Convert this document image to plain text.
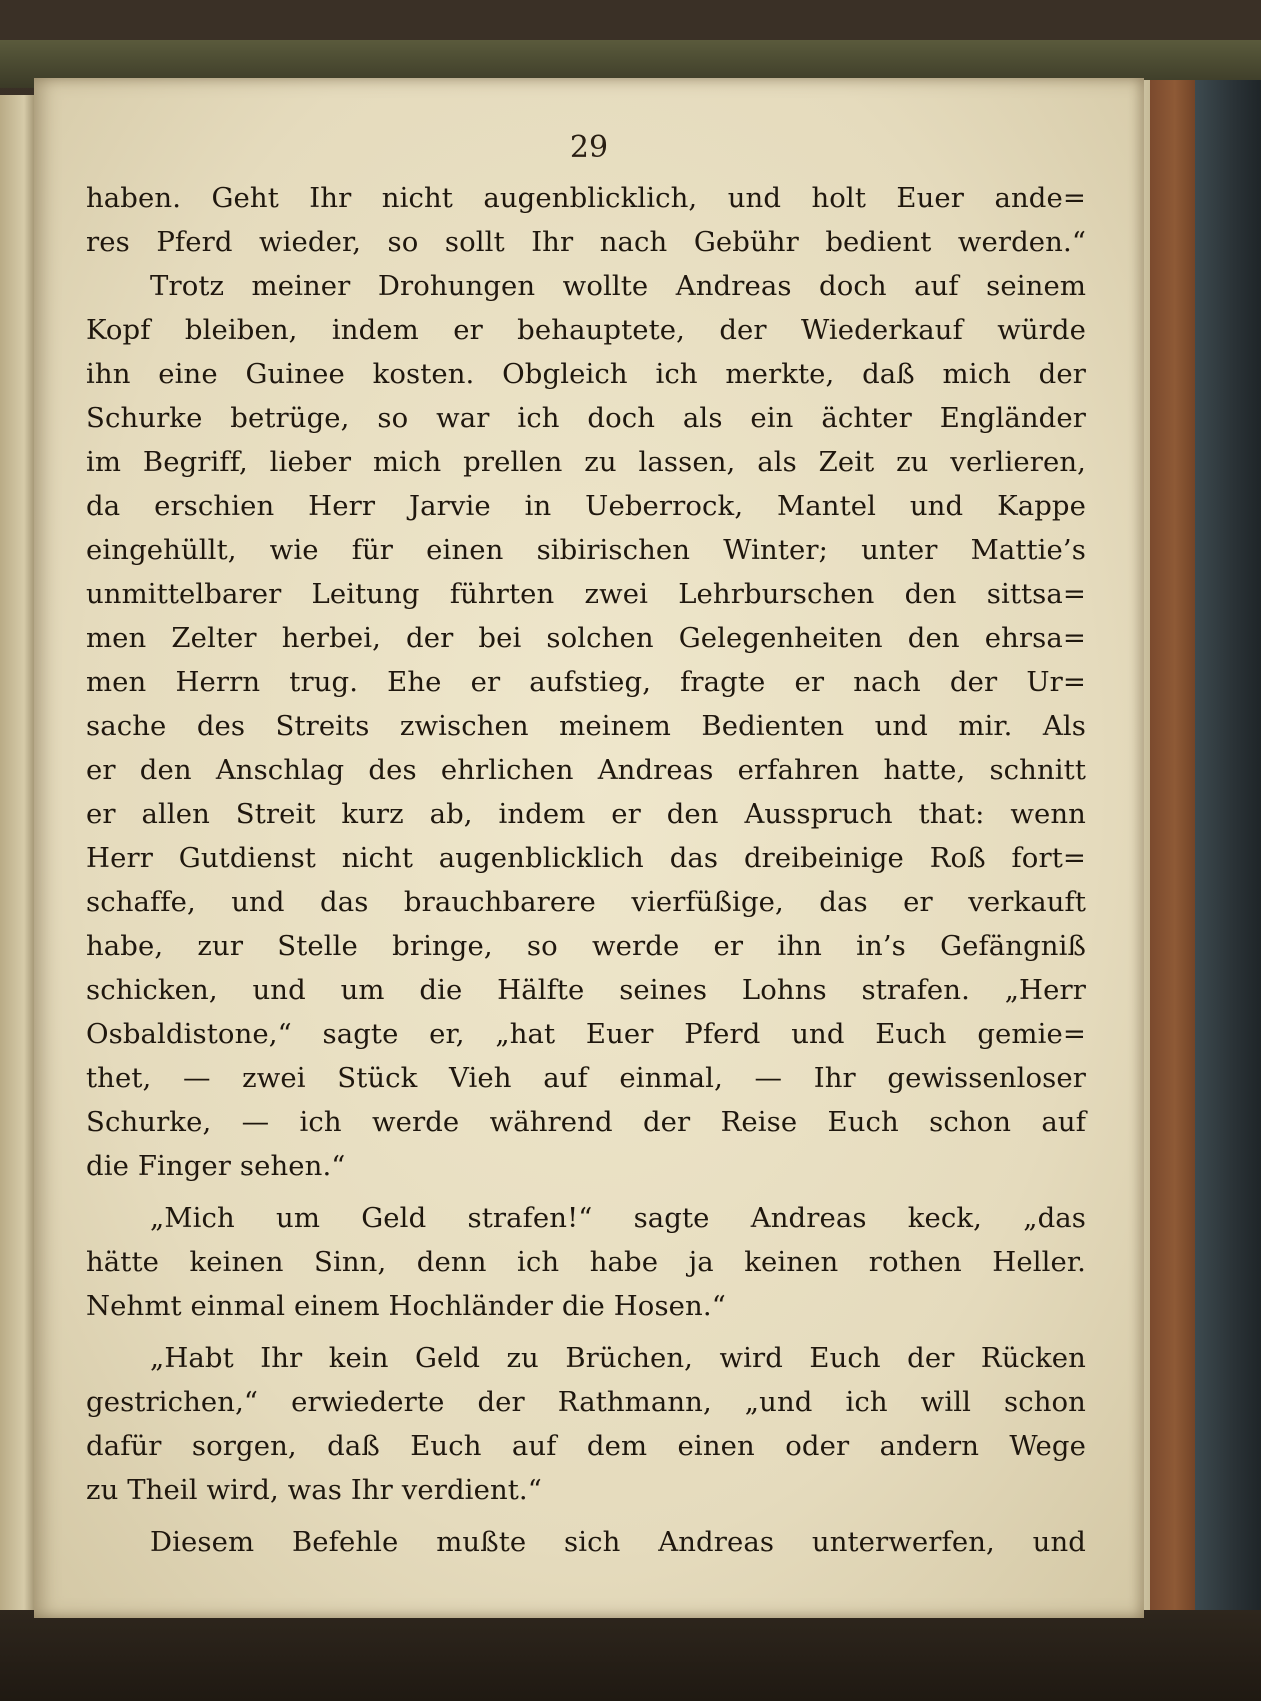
29
haben. Geht Ihr nicht augenblicklich, und holt Euer ande=
res Pferd wieder, so sollt Ihr nach Gebühr bedient werden.“
Trotz meiner Drohungen wollte Andreas doch auf seinem
Kopf bleiben, indem er behauptete, der Wiederkauf würde
ihn eine Guinee kosten. Obgleich ich merkte, daß mich der
Schurke betrüge, so war ich doch als ein ächter Engländer
im Begriff, lieber mich prellen zu lassen, als Zeit zu verlieren,
da erschien Herr Jarvie in Ueberrock, Mantel und Kappe
eingehüllt, wie für einen sibirischen Winter; unter Mattie’s
unmittelbarer Leitung führten zwei Lehrburschen den sittsa=
men Zelter herbei, der bei solchen Gelegenheiten den ehrsa=
men Herrn trug. Ehe er aufstieg, fragte er nach der Ur=
sache des Streits zwischen meinem Bedienten und mir. Als
er den Anschlag des ehrlichen Andreas erfahren hatte, schnitt
er allen Streit kurz ab, indem er den Ausspruch that: wenn
Herr Gutdienst nicht augenblicklich das dreibeinige Roß fort=
schaffe, und das brauchbarere vierfüßige, das er verkauft
habe, zur Stelle bringe, so werde er ihn in’s Gefängniß
schicken, und um die Hälfte seines Lohns strafen. „Herr
Osbaldistone,“ sagte er, „hat Euer Pferd und Euch gemie=
thet, — zwei Stück Vieh auf einmal, — Ihr gewissenloser
Schurke, — ich werde während der Reise Euch schon auf
die Finger sehen.“
„Mich um Geld strafen!“ sagte Andreas keck, „das
hätte keinen Sinn, denn ich habe ja keinen rothen Heller.
Nehmt einmal einem Hochländer die Hosen.“
„Habt Ihr kein Geld zu Brüchen, wird Euch der Rücken
gestrichen,“ erwiederte der Rathmann, „und ich will schon
dafür sorgen, daß Euch auf dem einen oder andern Wege
zu Theil wird, was Ihr verdient.“
Diesem Befehle mußte sich Andreas unterwerfen, und
